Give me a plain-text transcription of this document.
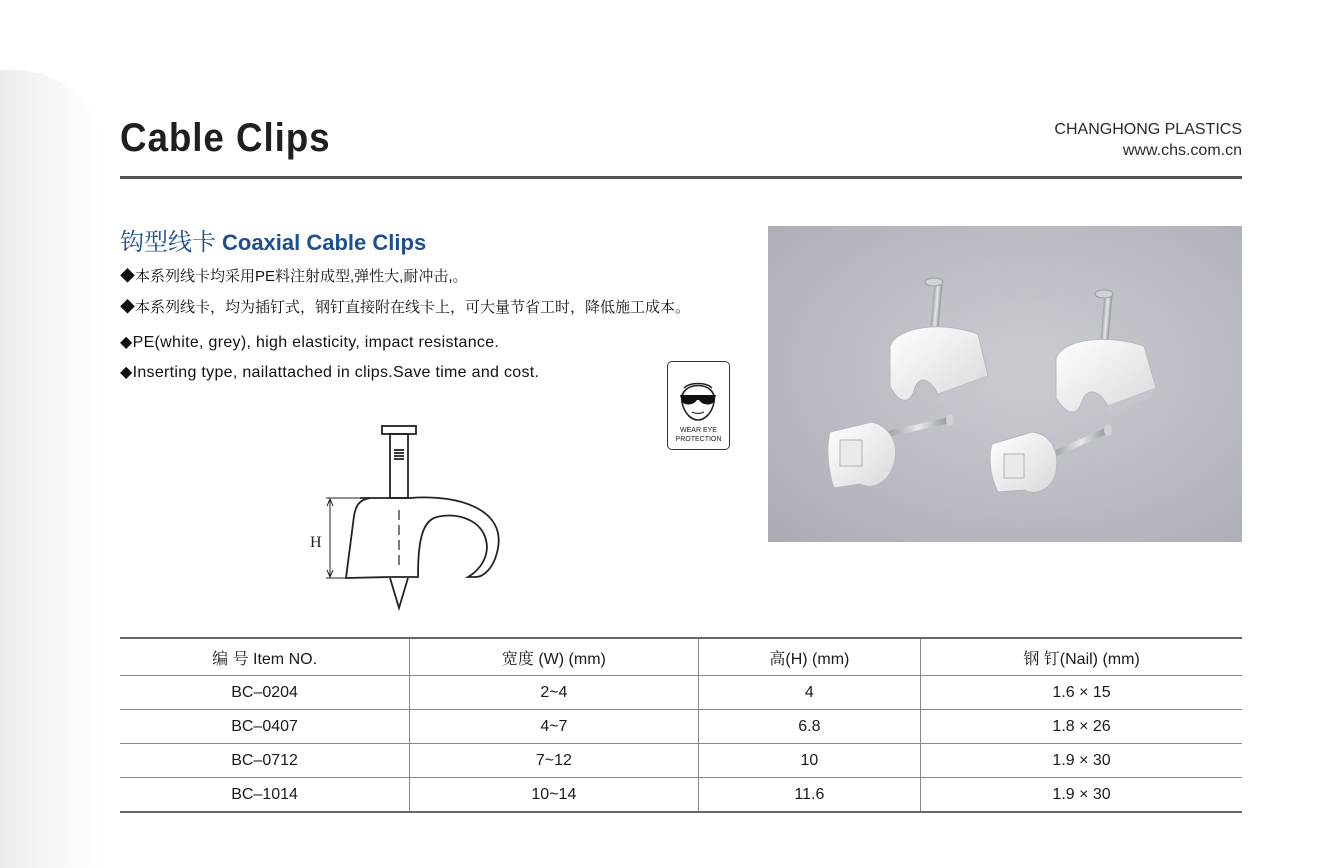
Cable Clips	CHANGHONG PLASTICS
www.chs.com.cn
钩型线卡 Coaxial Cable Clips
◆本系列线卡均采用PE料注射成型,弹性大,耐冲击,。
◆本系列线卡，均为插钉式，钢钉直接附在线卡上，可大量节省工时，降低施工成本。
◆PE(white, grey), high elasticity, impact resistance.
◆Inserting type, nailattached in clips.Save time and cost.
WEAR EYE
PROTECTION
H
编 号 Item NO.	宽度 (W) (mm)	高(H) (mm)	钢 钉(Nail) (mm)
BC–0204	2~4	4	1.6 × 15
BC–0407	4~7	6.8	1.8 × 26
BC–0712	7~12	10	1.9 × 30
BC–1014	10~14	11.6	1.9 × 30
